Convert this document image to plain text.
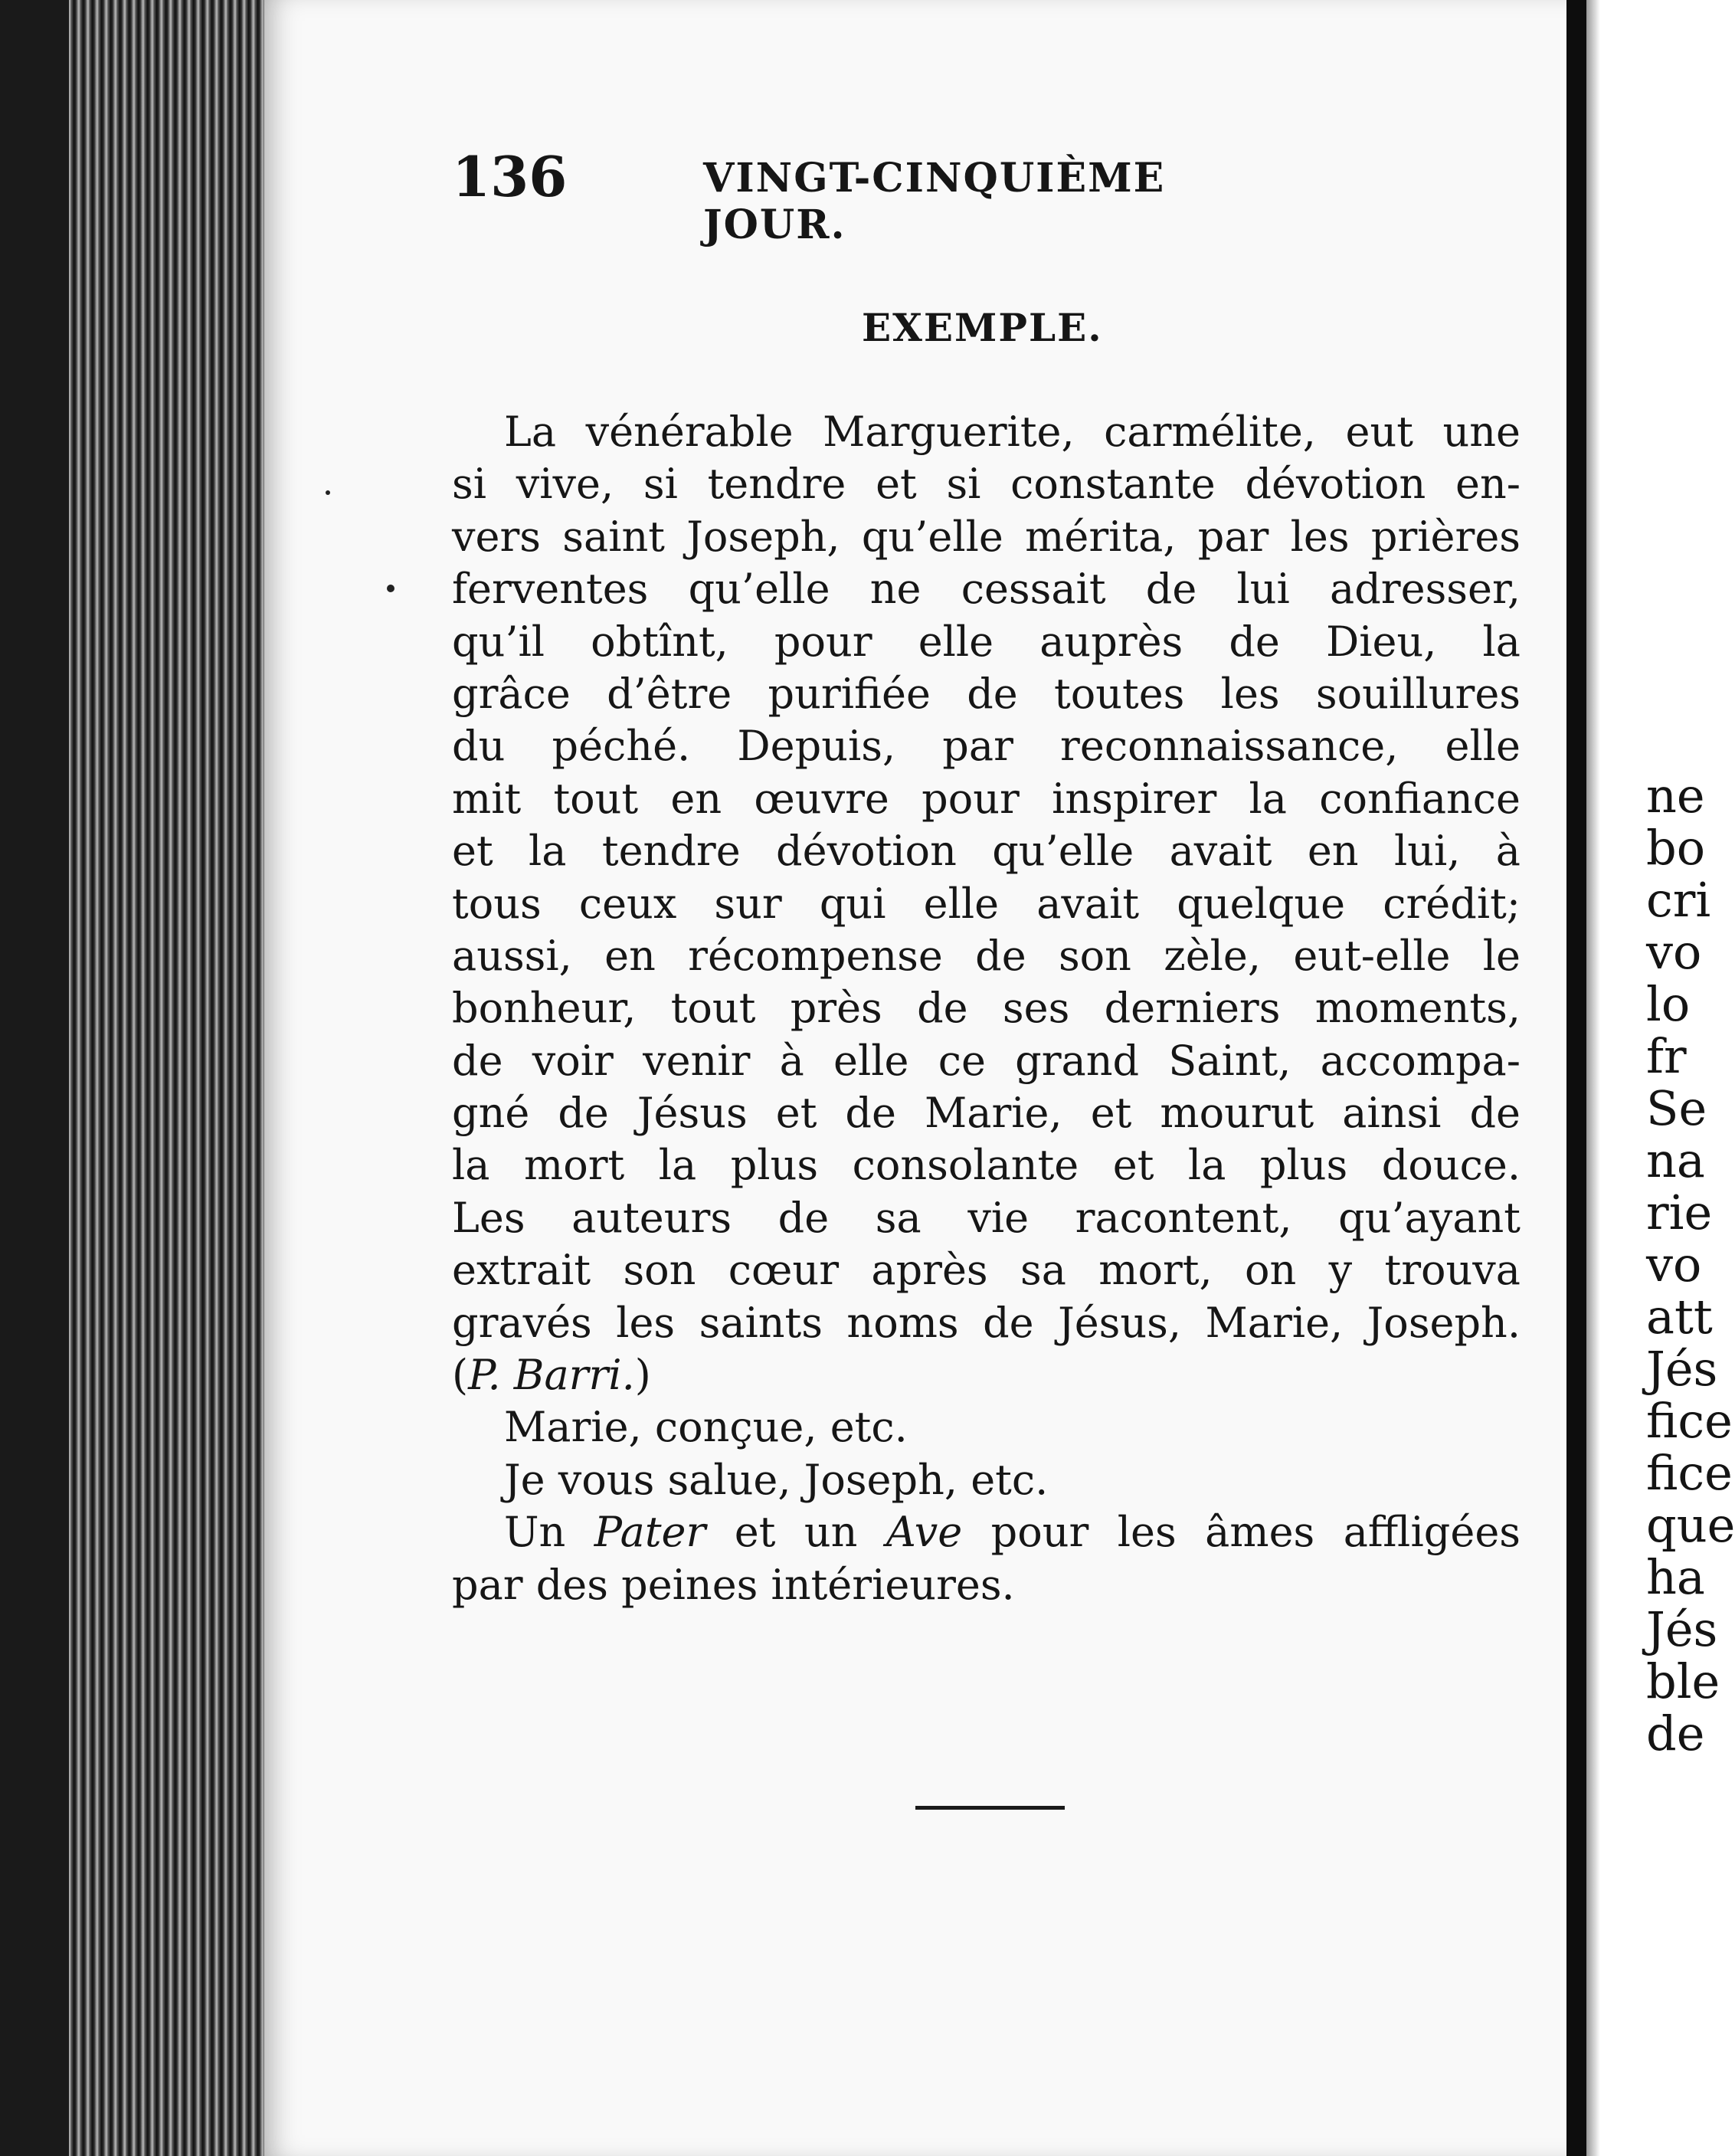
136	VINGT-CINQUIÈME JOUR.
EXEMPLE.
La vénérable Marguerite, carmélite, eut une
si vive, si tendre et si constante dévotion en-
vers saint Joseph, qu’elle mérita, par les prières
ferventes qu’elle ne cessait de lui adresser,
qu’il obtînt, pour elle auprès de Dieu, la
grâce d’être purifiée de toutes les souillures
du péché. Depuis, par reconnaissance, elle
mit tout en œuvre pour inspirer la confiance
et la tendre dévotion qu’elle avait en lui, à
tous ceux sur qui elle avait quelque crédit;
aussi, en récompense de son zèle, eut-elle le
bonheur, tout près de ses derniers moments,
de voir venir à elle ce grand Saint, accompa-
gné de Jésus et de Marie, et mourut ainsi de
la mort la plus consolante et la plus douce.
Les auteurs de sa vie racontent, qu’ayant
extrait son cœur après sa mort, on y trouva
gravés les saints noms de Jésus, Marie, Joseph.
(P. Barri.)
Marie, conçue, etc.
Je vous salue, Joseph, etc.
Un Pater et un Ave pour les âmes affligées
par des peines intérieures.
ne
bo
cri
vo
lo
fr
Se
na
rie
vo
att
Jés
fice
fice
que
ha
Jés
ble
de
